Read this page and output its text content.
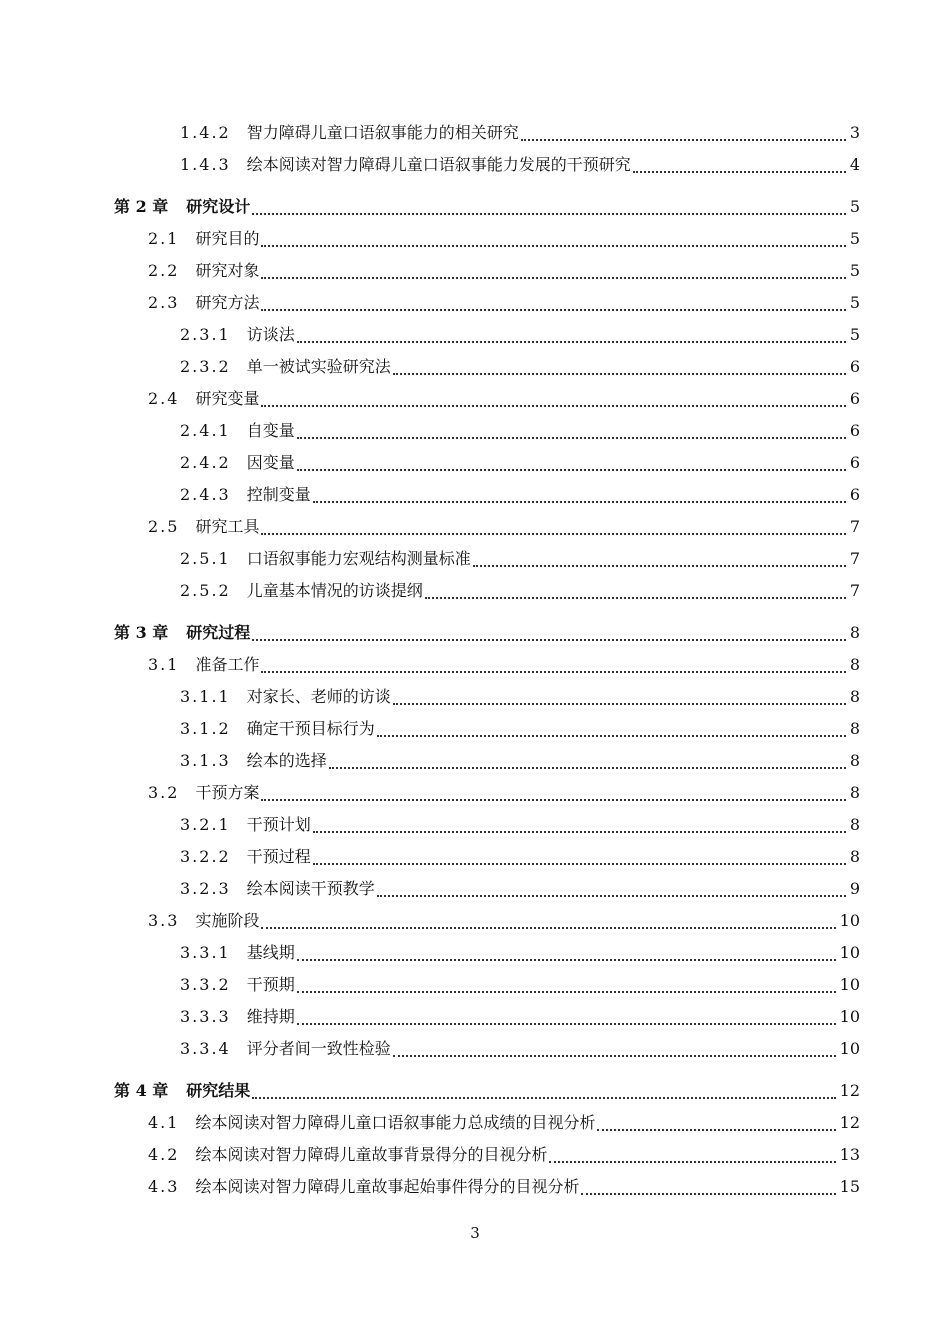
1.4.2 智力障碍儿童口语叙事能力的相关研究	3
1.4.3 绘本阅读对智力障碍儿童口语叙事能力发展的干预研究	4
第 2 章 研究设计	5
2.1 研究目的	5
2.2 研究对象	5
2.3 研究方法	5
2.3.1 访谈法	5
2.3.2 单一被试实验研究法	6
2.4 研究变量	6
2.4.1 自变量	6
2.4.2 因变量	6
2.4.3 控制变量	6
2.5 研究工具	7
2.5.1 口语叙事能力宏观结构测量标准	7
2.5.2 儿童基本情况的访谈提纲	7
第 3 章 研究过程	8
3.1 准备工作	8
3.1.1 对家长、老师的访谈	8
3.1.2 确定干预目标行为	8
3.1.3 绘本的选择	8
3.2 干预方案	8
3.2.1 干预计划	8
3.2.2 干预过程	8
3.2.3 绘本阅读干预教学	9
3.3 实施阶段	10
3.3.1 基线期	10
3.3.2 干预期	10
3.3.3 维持期	10
3.3.4 评分者间一致性检验	10
第 4 章 研究结果	12
4.1 绘本阅读对智力障碍儿童口语叙事能力总成绩的目视分析	12
4.2 绘本阅读对智力障碍儿童故事背景得分的目视分析	13
4.3 绘本阅读对智力障碍儿童故事起始事件得分的目视分析	15
3
